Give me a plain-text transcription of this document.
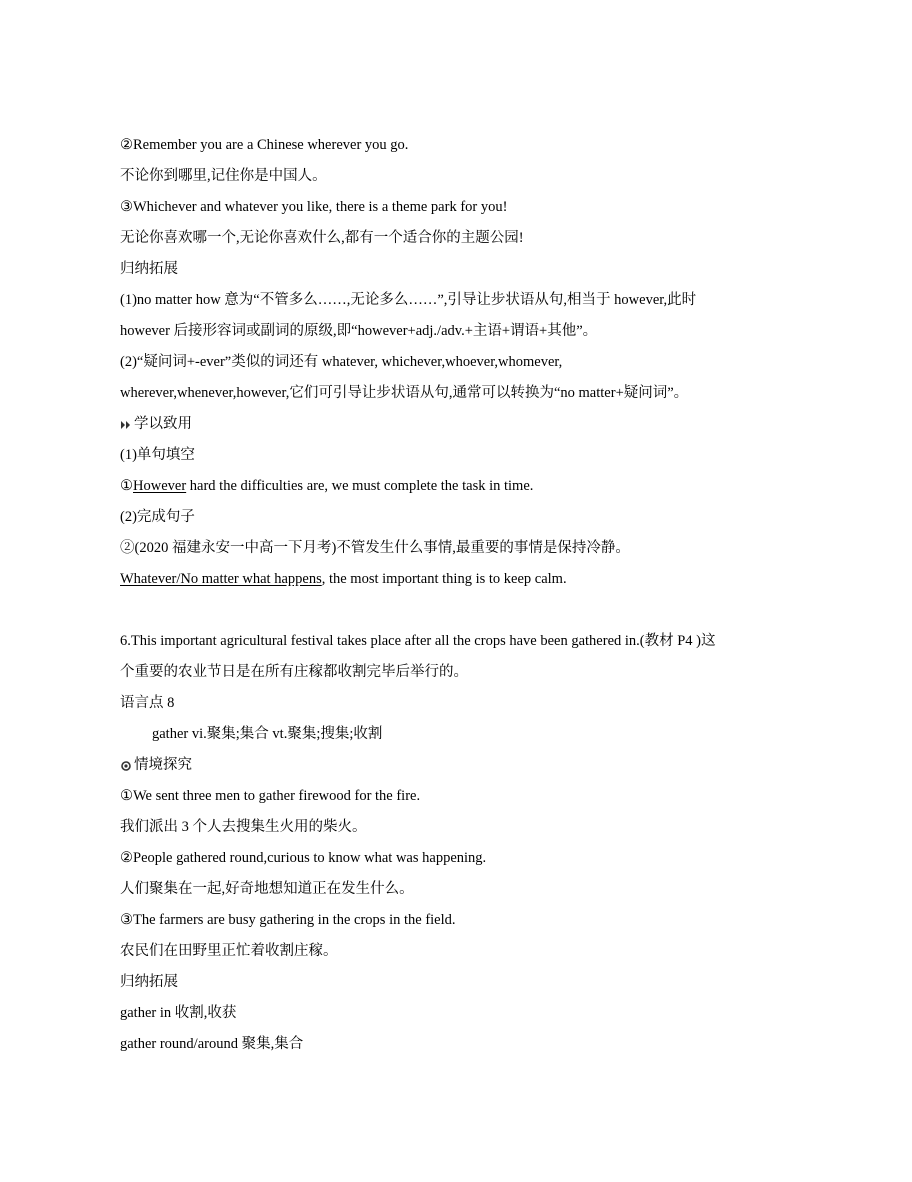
②Remember you are a Chinese wherever you go.
不论你到哪里,记住你是中国人。
③Whichever and whatever you like, there is a theme park for you!
无论你喜欢哪一个,无论你喜欢什么,都有一个适合你的主题公园!
归纳拓展
(1)no matter how 意为“不管多么……,无论多么……”,引导让步状语从句,相当于 however,此时
however 后接形容词或副词的原级,即“however+adj./adv.+主语+谓语+其他”。
(2)“疑问词+-ever”类似的词还有 whatever, whichever,whoever,whomever,
wherever,whenever,however,它们可引导让步状语从句,通常可以转换为“no matter+疑问词”。
学以致用
(1)单句填空
①However hard the difficulties are, we must complete the task in time.
(2)完成句子
②(2020 福建永安一中高一下月考)不管发生什么事情,最重要的事情是保持冷静。
Whatever/No matter what happens, the most important thing is to keep calm.
6.This important agricultural festival takes place after all the crops have been gathered in.(教材 P4 )这
个重要的农业节日是在所有庄稼都收割完毕后举行的。
语言点 8
gather vi.聚集;集合 vt.聚集;搜集;收割
情境探究
①We sent three men to gather firewood for the fire.
我们派出 3 个人去搜集生火用的柴火。
②People gathered round,curious to know what was happening.
人们聚集在一起,好奇地想知道正在发生什么。
③The farmers are busy gathering in the crops in the field.
农民们在田野里正忙着收割庄稼。
归纳拓展
gather in 收割,收获
gather round/around 聚集,集合
